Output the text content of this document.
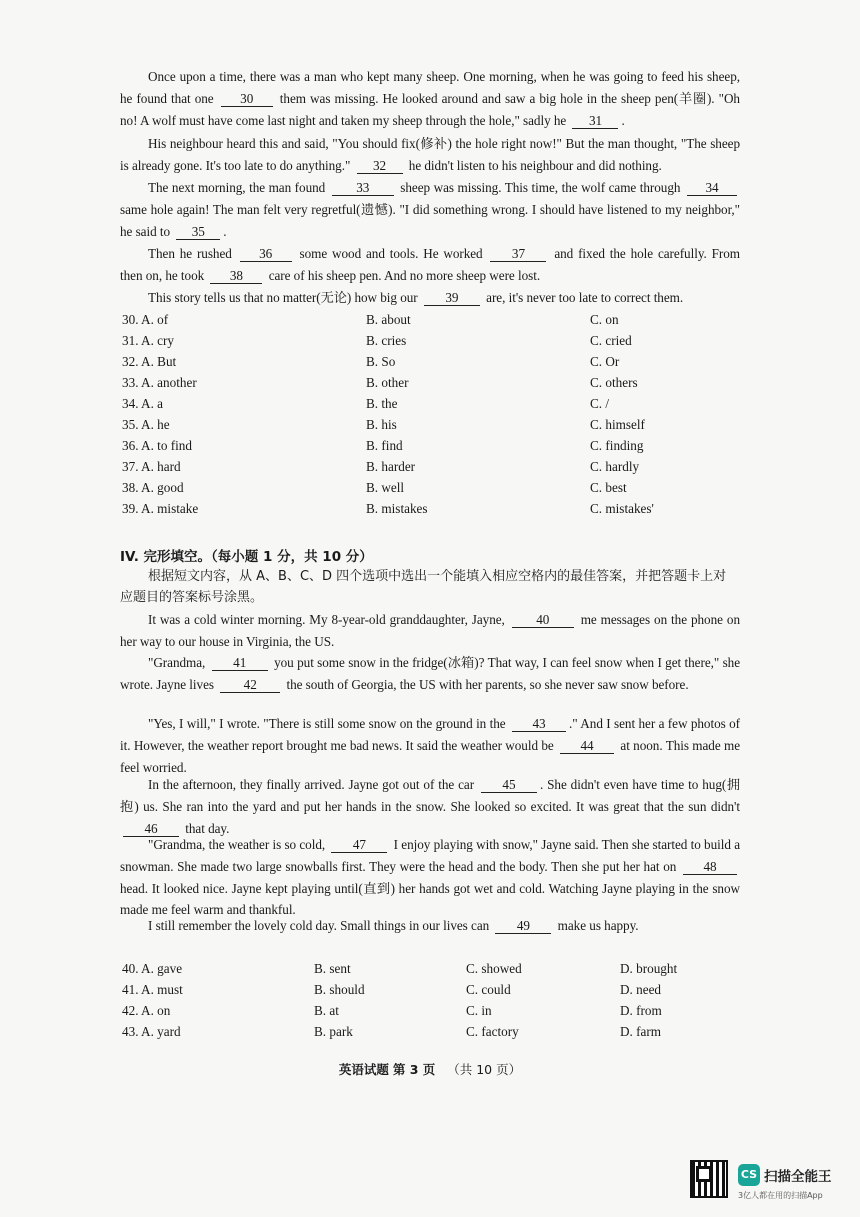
Once upon a time, there was a man who kept many sheep. One morning, when he was going to feed his sheep, he found that one 30 them was missing. He looked around and saw a big hole in the sheep pen(羊圈). "Oh no! A wolf must have come last night and taken my sheep through the hole," sadly he 31 .
His neighbour heard this and said, "You should fix(修补) the hole right now!" But the man thought, "The sheep is already gone. It's too late to do anything." 32 he didn't listen to his neighbour and did nothing.
The next morning, the man found 33 sheep was missing. This time, the wolf came through 34 same hole again! The man felt very regretful(遗憾). "I did something wrong. I should have listened to my neighbor," he said to 35 .
Then he rushed 36 some wood and tools. He worked 37 and fixed the hole carefully. From then on, he took 38 care of his sheep pen. And no more sheep were lost.
This story tells us that no matter(无论) how big our 39 are, it's never too late to correct them.
30. A. of	B. about	C. on
31. A. cry	B. cries	C. cried
32. A. But	B. So	C. Or
33. A. another	B. other	C. others
34. A. a	B. the	C. /
35. A. he	B. his	C. himself
36. A. to find	B. find	C. finding
37. A. hard	B. harder	C. hardly
38. A. good	B. well	C. best
39. A. mistake	B. mistakes	C. mistakes'
IV. 完形填空。（每小题 1 分，共 10 分）
根据短文内容，从 A、B、C、D 四个选项中选出一个能填入相应空格内的最佳答案，并把答题卡上对应题目的答案标号涂黑。
It was a cold winter morning. My 8-year-old granddaughter, Jayne, 40 me messages on the phone on her way to our house in Virginia, the US.
"Grandma, 41 you put some snow in the fridge(冰箱)? That way, I can feel snow when I get there," she wrote. Jayne lives 42 the south of Georgia, the US with her parents, so she never saw snow before.
"Yes, I will," I wrote. "There is still some snow on the ground in the 43 ." And I sent her a few photos of it. However, the weather report brought me bad news. It said the weather would be 44 at noon. This made me feel worried.
In the afternoon, they finally arrived. Jayne got out of the car 45 . She didn't even have time to hug(拥抱) us. She ran into the yard and put her hands in the snow. She looked so excited. It was great that the sun didn't 46 that day.
"Grandma, the weather is so cold, 47 I enjoy playing with snow," Jayne said. Then she started to build a snowman. She made two large snowballs first. They were the head and the body. Then she put her hat on 48 head. It looked nice. Jayne kept playing until(直到) her hands got wet and cold. Watching Jayne playing in the snow made me feel warm and thankful.
I still remember the lovely cold day. Small things in our lives can 49 make us happy.
40. A. gave	B. sent	C. showed	D. brought
41. A. must	B. should	C. could	D. need
42. A. on	B. at	C. in	D. from
43. A. yard	B. park	C. factory	D. farm
英语试题 第 3 页 （共 10 页）
CS 扫描全能王
3亿人都在用的扫描App
